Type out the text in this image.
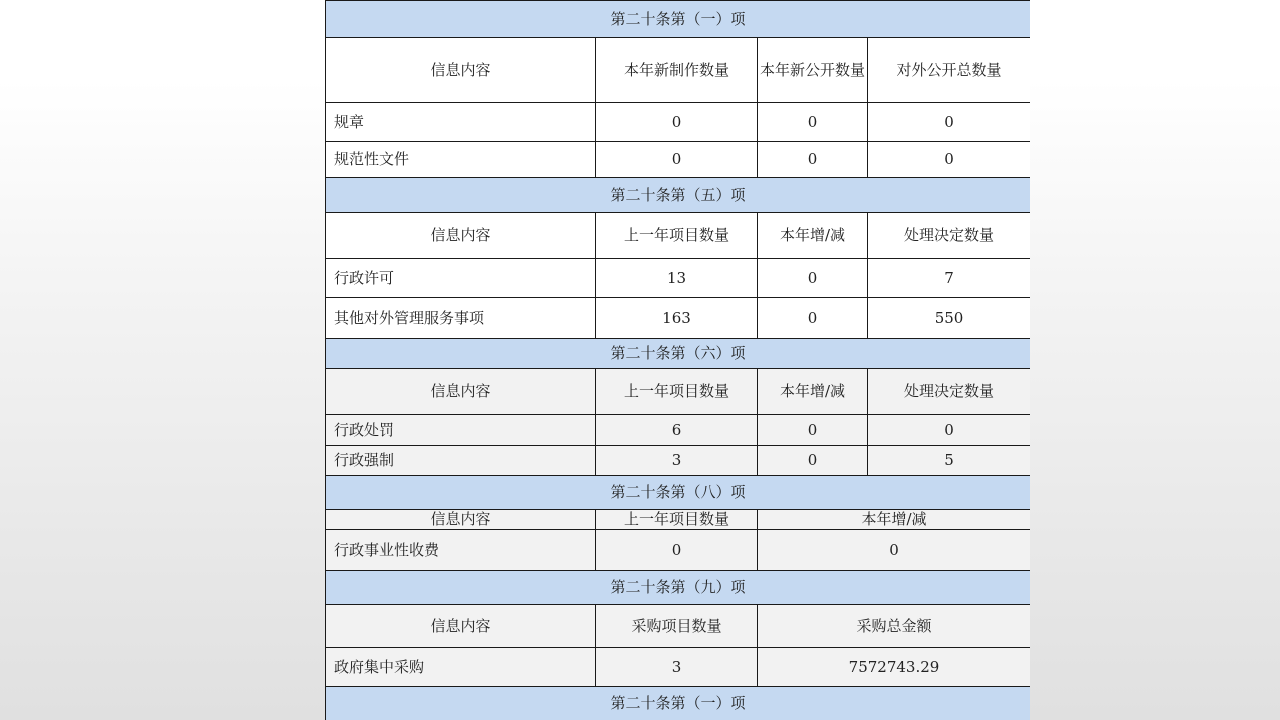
第二十条第（一）项			
信息内容	本年新制作数量	本年新公开数量	对外公开总数量
规章	0	0	0
规范性文件	0	0	0
第二十条第（五）项			
信息内容	上一年项目数量	本年增/减	处理决定数量
行政许可	13	0	7
其他对外管理服务事项	163	0	550
第二十条第（六）项			
信息内容	上一年项目数量	本年增/减	处理决定数量
行政处罚	6	0	0
行政强制	3	0	5
第二十条第（八）项			
信息内容	上一年项目数量	本年增/减	
行政事业性收费	0	0	
第二十条第（九）项			
信息内容	采购项目数量	采购总金额	
政府集中采购	3	7572743.29	
第二十条第（一）项			
